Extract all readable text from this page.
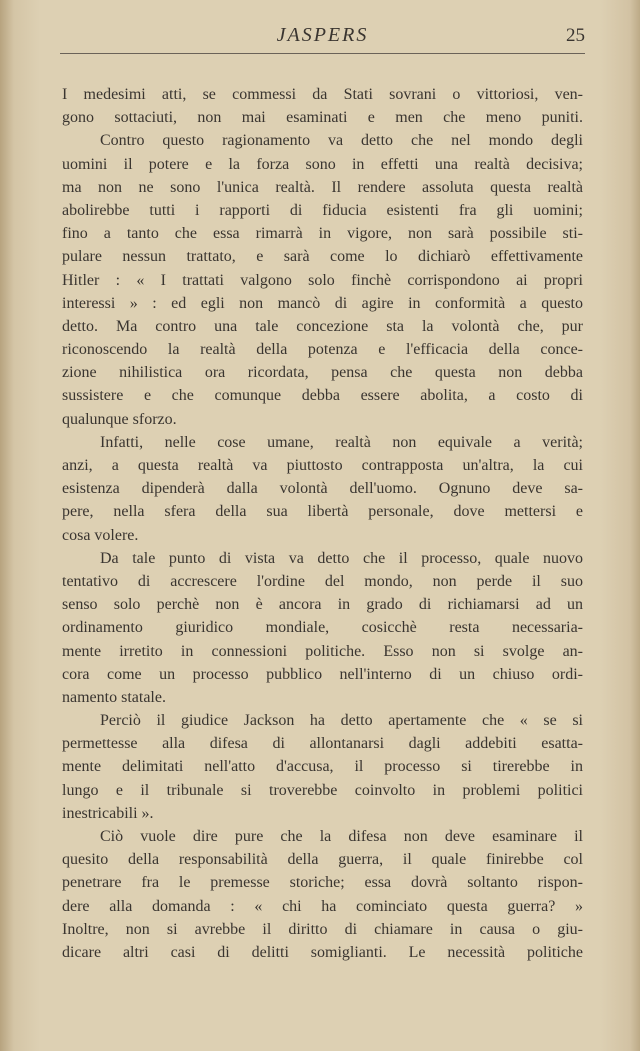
JASPERS	25
I medesimi atti, se commessi da Stati sovrani o vittoriosi, ven-
gono sottaciuti, non mai esaminati e men che meno puniti.
Contro questo ragionamento va detto che nel mondo degli
uomini il potere e la forza sono in effetti una realtà decisiva;
ma non ne sono l'unica realtà. Il rendere assoluta questa realtà
abolirebbe tutti i rapporti di fiducia esistenti fra gli uomini;
fino a tanto che essa rimarrà in vigore, non sarà possibile sti-
pulare nessun trattato, e sarà come lo dichiarò effettivamente
Hitler : « I trattati valgono solo finchè corrispondono ai propri
interessi » : ed egli non mancò di agire in conformità a questo
detto. Ma contro una tale concezione sta la volontà che, pur
riconoscendo la realtà della potenza e l'efficacia della conce-
zione nihilistica ora ricordata, pensa che questa non debba
sussistere e che comunque debba essere abolita, a costo di
qualunque sforzo.
Infatti, nelle cose umane, realtà non equivale a verità;
anzi, a questa realtà va piuttosto contrapposta un'altra, la cui
esistenza dipenderà dalla volontà dell'uomo. Ognuno deve sa-
pere, nella sfera della sua libertà personale, dove mettersi e
cosa volere.
Da tale punto di vista va detto che il processo, quale nuovo
tentativo di accrescere l'ordine del mondo, non perde il suo
senso solo perchè non è ancora in grado di richiamarsi ad un
ordinamento giuridico mondiale, cosicchè resta necessaria-
mente irretito in connessioni politiche. Esso non si svolge an-
cora come un processo pubblico nell'interno di un chiuso ordi-
namento statale.
Perciò il giudice Jackson ha detto apertamente che « se si
permettesse alla difesa di allontanarsi dagli addebiti esatta-
mente delimitati nell'atto d'accusa, il processo si tirerebbe in
lungo e il tribunale si troverebbe coinvolto in problemi politici
inestricabili ».
Ciò vuole dire pure che la difesa non deve esaminare il
quesito della responsabilità della guerra, il quale finirebbe col
penetrare fra le premesse storiche; essa dovrà soltanto rispon-
dere alla domanda : « chi ha cominciato questa guerra? »
Inoltre, non si avrebbe il diritto di chiamare in causa o giu-
dicare altri casi di delitti somiglianti. Le necessità politiche
